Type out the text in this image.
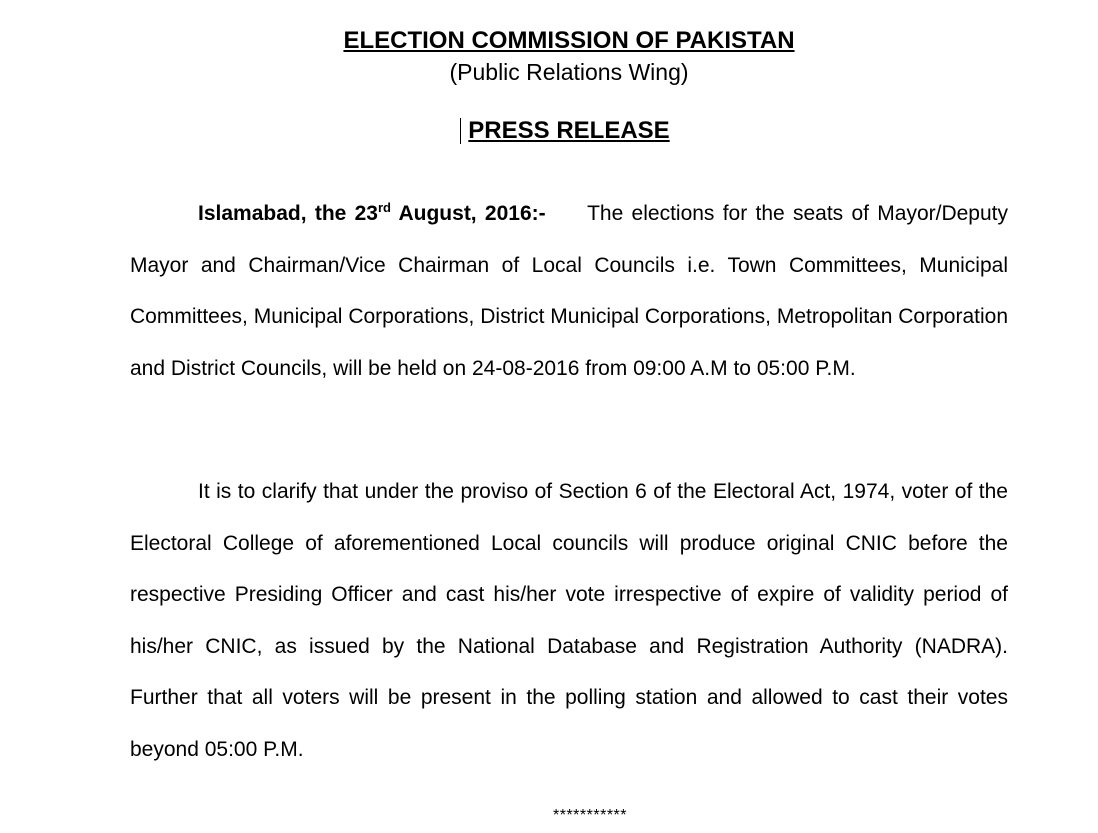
ELECTION COMMISSION OF PAKISTAN
(Public Relations Wing)
PRESS RELEASE
Islamabad, the 23rd August, 2016:- The elections for the seats of Mayor/Deputy Mayor and Chairman/Vice Chairman of Local Councils i.e. Town Committees, Municipal Committees, Municipal Corporations, District Municipal Corporations, Metropolitan Corporation and District Councils, will be held on 24-08-2016 from 09:00 A.M to 05:00 P.M.
It is to clarify that under the proviso of Section 6 of the Electoral Act, 1974, voter of the Electoral College of aforementioned Local councils will produce original CNIC before the respective Presiding Officer and cast his/her vote irrespective of expire of validity period of his/her CNIC, as issued by the National Database and Registration Authority (NADRA). Further that all voters will be present in the polling station and allowed to cast their votes beyond 05:00 P.M.
***********
